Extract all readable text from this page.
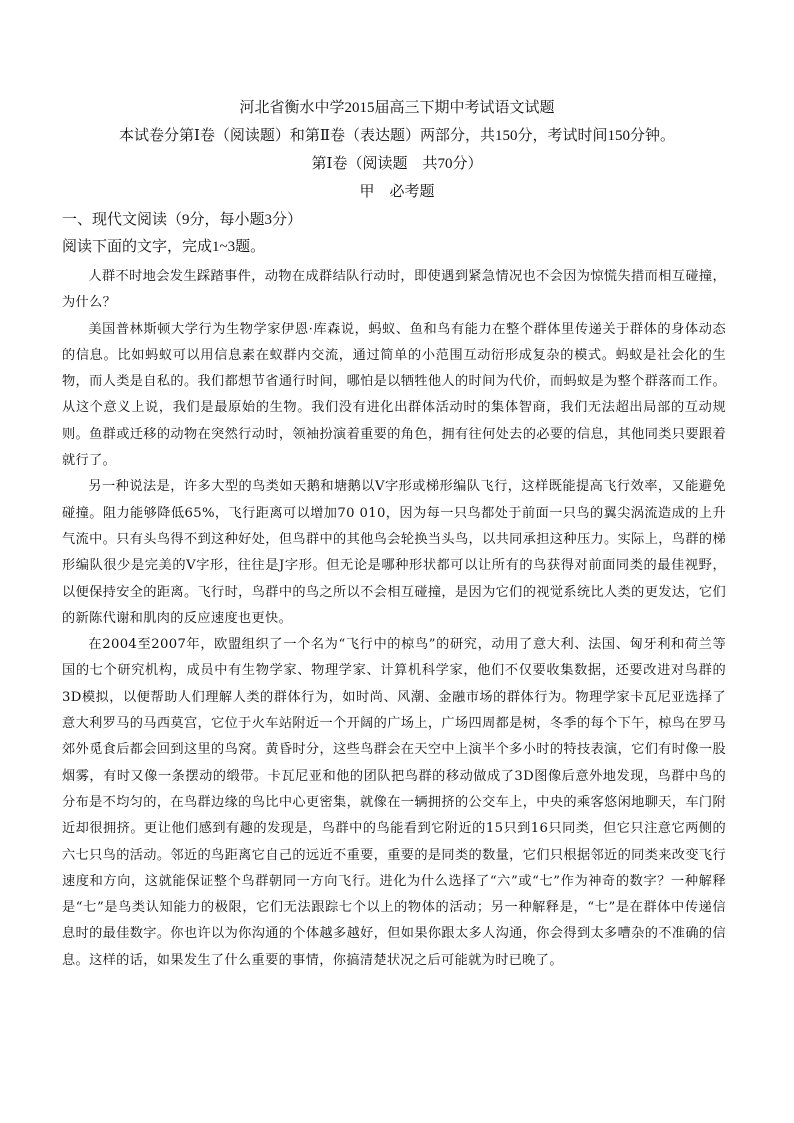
河北省衡水中学2015届高三下期中考试语文试题
本试卷分第Ⅰ卷（阅读题）和第Ⅱ卷（表达题）两部分，共150分，考试时间150分钟。
第Ⅰ卷（阅读题　共70分）
甲　必考题
一、现代文阅读（9分，每小题3分）
阅读下面的文字，完成1~3题。

人群不时地会发生踩踏事件，动物在成群结队行动时，即使遇到紧急情况也不会因为惊慌失措而相互碰撞，为什么？

美国普林斯顿大学行为生物学家伊恩·库森说，蚂蚁、鱼和鸟有能力在整个群体里传递关于群体的身体动态的信息。比如蚂蚁可以用信息素在蚁群内交流，通过简单的小范围互动衍形成复杂的模式。蚂蚁是社会化的生物，而人类是自私的。我们都想节省通行时间，哪怕是以牺牲他人的时间为代价，而蚂蚁是为整个群落而工作。从这个意义上说，我们是最原始的生物。我们没有进化出群体活动时的集体智商，我们无法超出局部的互动规则。鱼群或迁移的动物在突然行动时，领袖扮演着重要的角色，拥有往何处去的必要的信息，其他同类只要跟着就行了。

另一种说法是，许多大型的鸟类如天鹅和塘鹅以V字形或梯形编队飞行，这样既能提高飞行效率，又能避免碰撞。阻力能够降低65%，飞行距离可以增加70 010，因为每一只鸟都处于前面一只鸟的翼尖涡流造成的上升气流中。只有头鸟得不到这种好处，但鸟群中的其他鸟会轮换当头鸟，以共同承担这种压力。实际上，鸟群的梯形编队很少是完美的V字形，往往是J字形。但无论是哪种形状都可以让所有的鸟获得对前面同类的最佳视野，以便保持安全的距离。飞行时，鸟群中的鸟之所以不会相互碰撞，是因为它们的视觉系统比人类的更发达，它们的新陈代谢和肌肉的反应速度也更快。

在2004至2007年，欧盟组织了一个名为“飞行中的椋鸟”的研究，动用了意大利、法国、匈牙利和荷兰等国的七个研究机构，成员中有生物学家、物理学家、计算机科学家，他们不仅要收集数据，还要改进对鸟群的3D模拟，以便帮助人们理解人类的群体行为，如时尚、风潮、金融市场的群体行为。物理学家卡瓦尼亚选择了意大利罗马的马西莫宫，它位于火车站附近一个开阔的广场上，广场四周都是树，冬季的每个下午，椋鸟在罗马郊外觅食后都会回到这里的鸟窝。黄昏时分，这些鸟群会在天空中上演半个多小时的特技表演，它们有时像一股烟雾，有时又像一条摆动的缎带。卡瓦尼亚和他的团队把鸟群的移动做成了3D图像后意外地发现，鸟群中鸟的分布是不均匀的，在鸟群边缘的鸟比中心更密集，就像在一辆拥挤的公交车上，中央的乘客悠闲地聊天，车门附近却很拥挤。更让他们感到有趣的发现是，鸟群中的鸟能看到它附近的15只到16只同类，但它只注意它两侧的六七只鸟的活动。邻近的鸟距离它自己的远近不重要，重要的是同类的数量，它们只根据邻近的同类来改变飞行速度和方向，这就能保证整个鸟群朝同一方向飞行。进化为什么选择了“六”或“七”作为神奇的数字？一种解释是“七”是鸟类认知能力的极限，它们无法跟踪七个以上的物体的活动；另一种解释是，“七”是在群体中传递信息时的最佳数字。你也许以为你沟通的个体越多越好，但如果你跟太多人沟通，你会得到太多嘈杂的不准确的信息。这样的话，如果发生了什么重要的事情，你搞清楚状况之后可能就为时已晚了。
